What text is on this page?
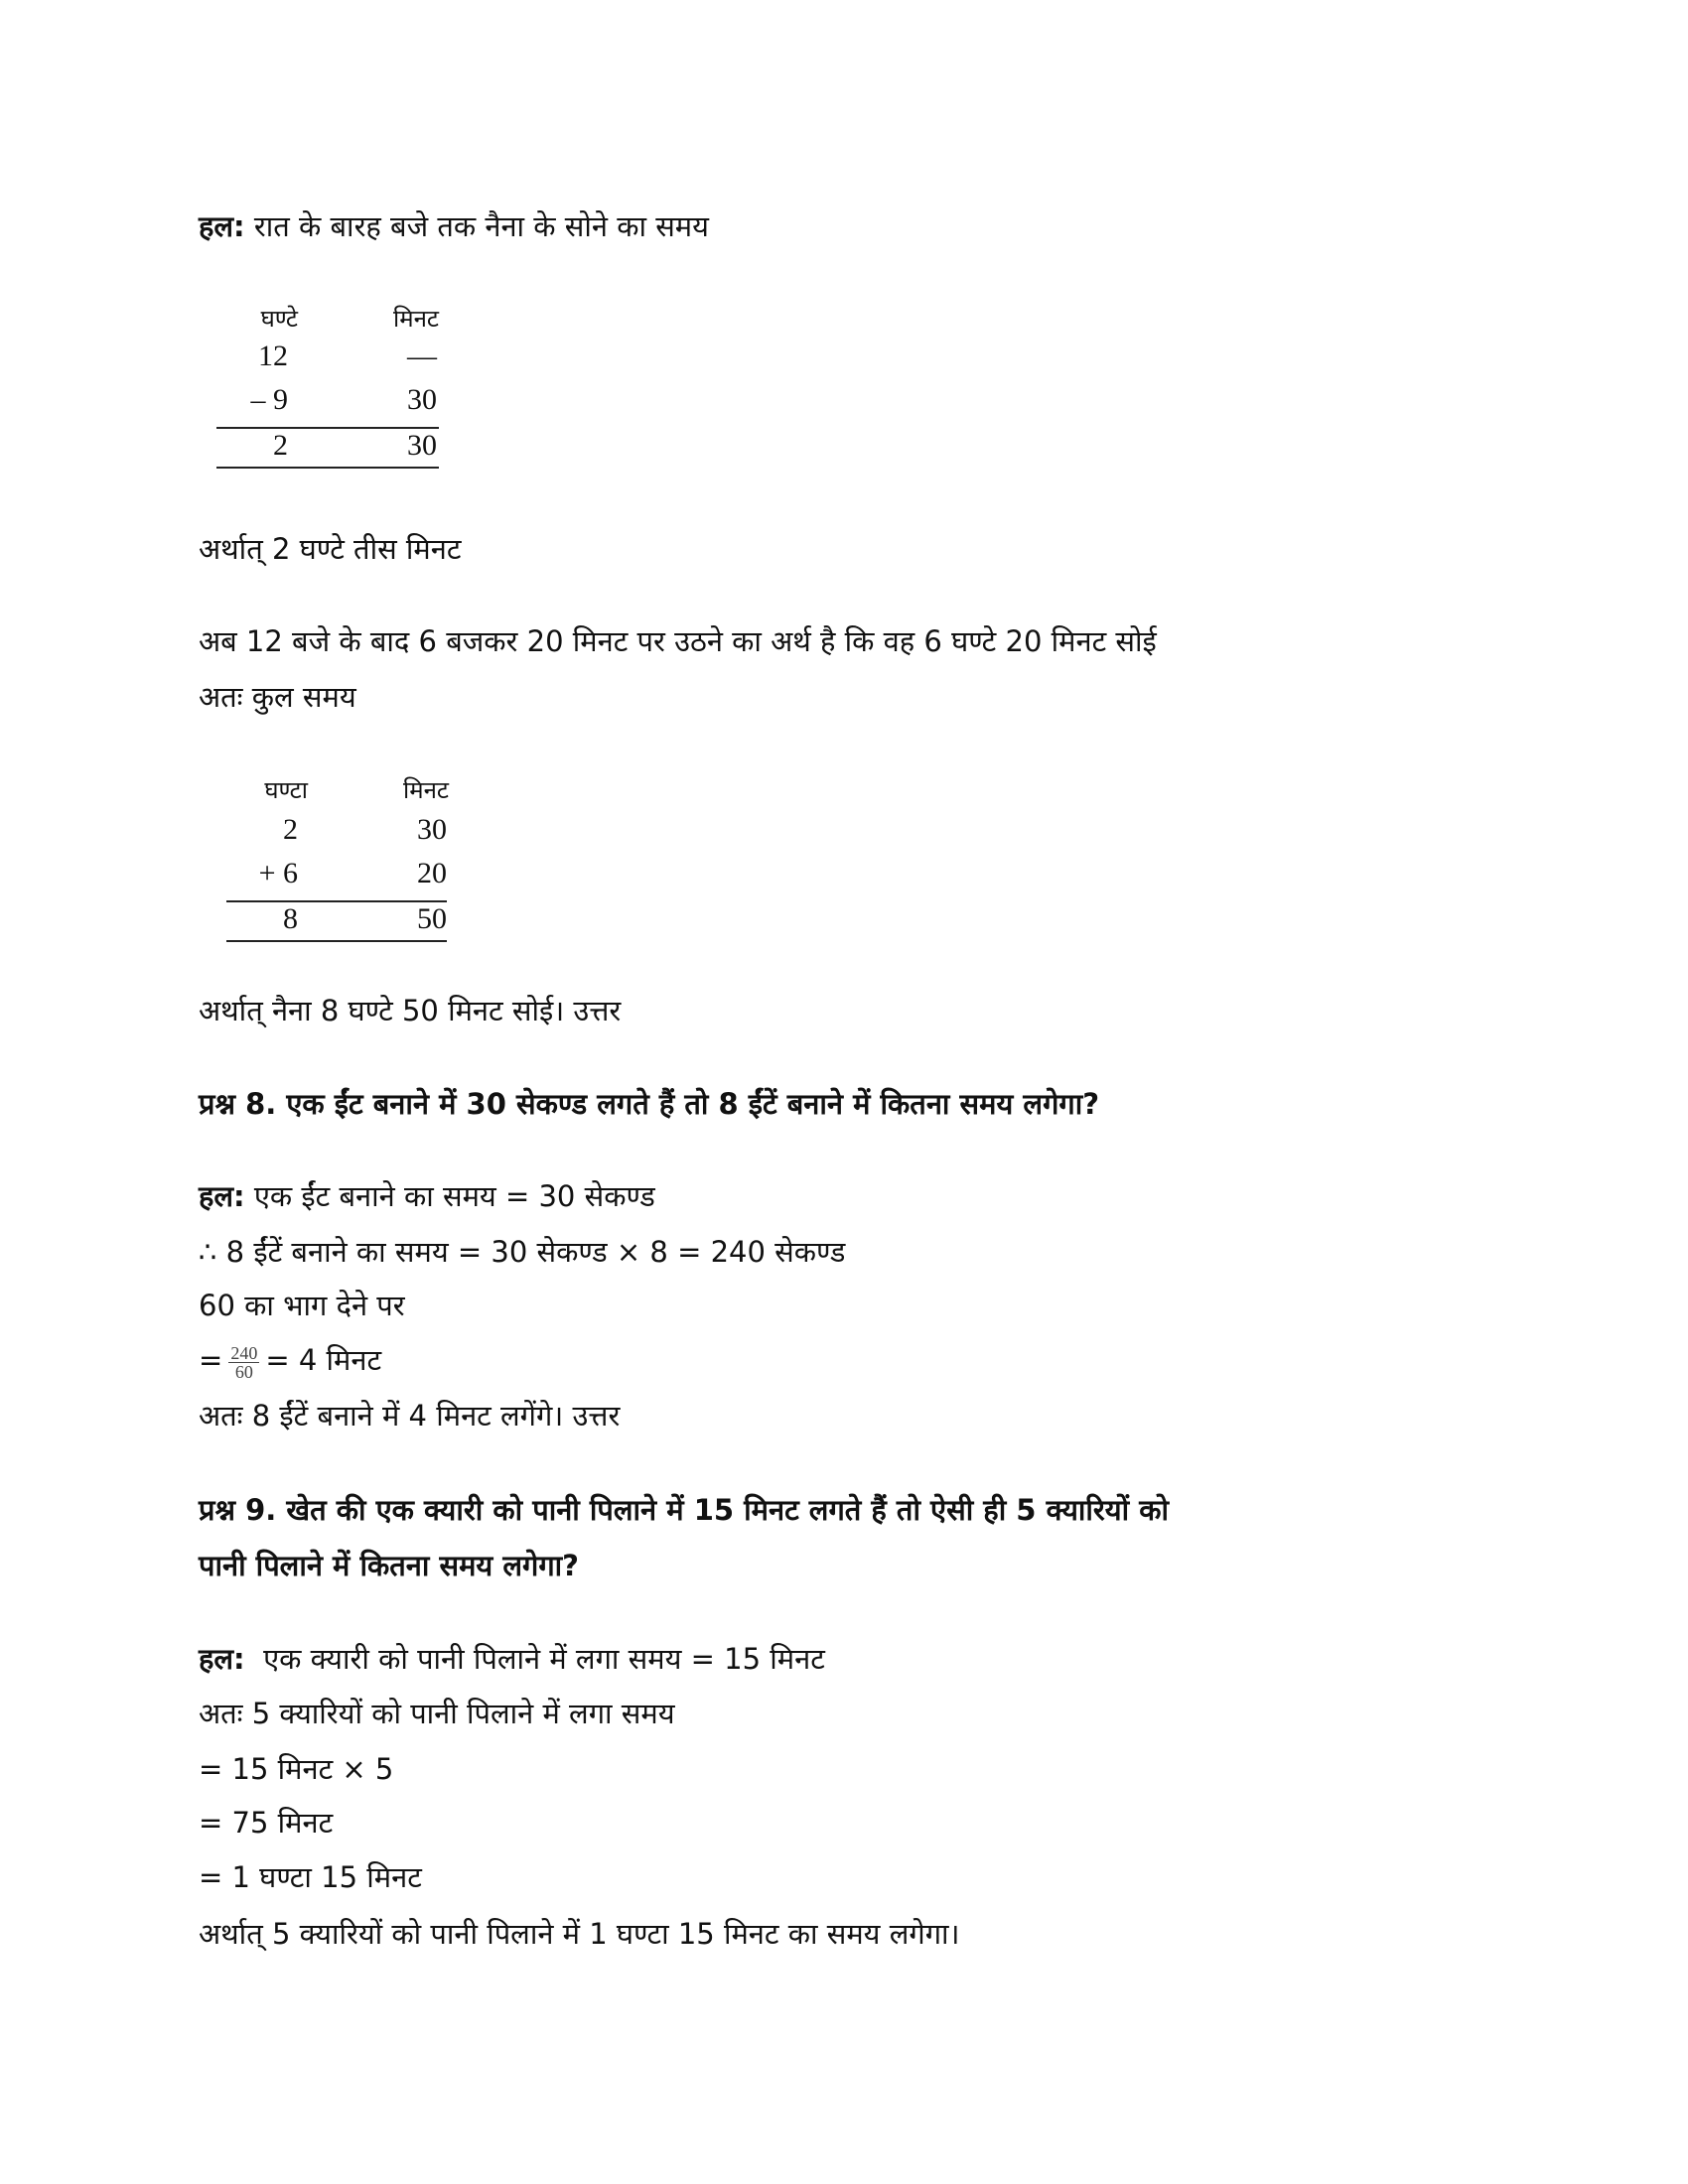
हल: रात के बारह बजे तक नैना के सोने का समय
घण्टे	मिनट
12	—
– 9	30
2	30
अर्थात् 2 घण्टे तीस मिनट
अब 12 बजे के बाद 6 बजकर 20 मिनट पर उठने का अर्थ है कि वह 6 घण्टे 20 मिनट सोई
अतः कुल समय
घण्टा	मिनट
2	30
+ 6	20
8	50
अर्थात् नैना 8 घण्टे 50 मिनट सोई। उत्तर
प्रश्न 8. एक ईंट बनाने में 30 सेकण्ड लगते हैं तो 8 ईंटें बनाने में कितना समय लगेगा?
हल: एक ईंट बनाने का समय = 30 सेकण्ड
∴ 8 ईंटें बनाने का समय = 30 सेकण्ड × 8 = 240 सेकण्ड
60 का भाग देने पर
= $\frac{240}{60} = 4$ मिनट
अतः 8 ईंटें बनाने में 4 मिनट लगेंगे। उत्तर
प्रश्न 9. खेत की एक क्यारी को पानी पिलाने में 15 मिनट लगते हैं तो ऐसी ही 5 क्यारियों को
पानी पिलाने में कितना समय लगेगा?
हल:  एक क्यारी को पानी पिलाने में लगा समय = 15 मिनट
अतः 5 क्यारियों को पानी पिलाने में लगा समय
= 15 मिनट × 5
= 75 मिनट
= 1 घण्टा 15 मिनट
अर्थात् 5 क्यारियों को पानी पिलाने में 1 घण्टा 15 मिनट का समय लगेगा।
